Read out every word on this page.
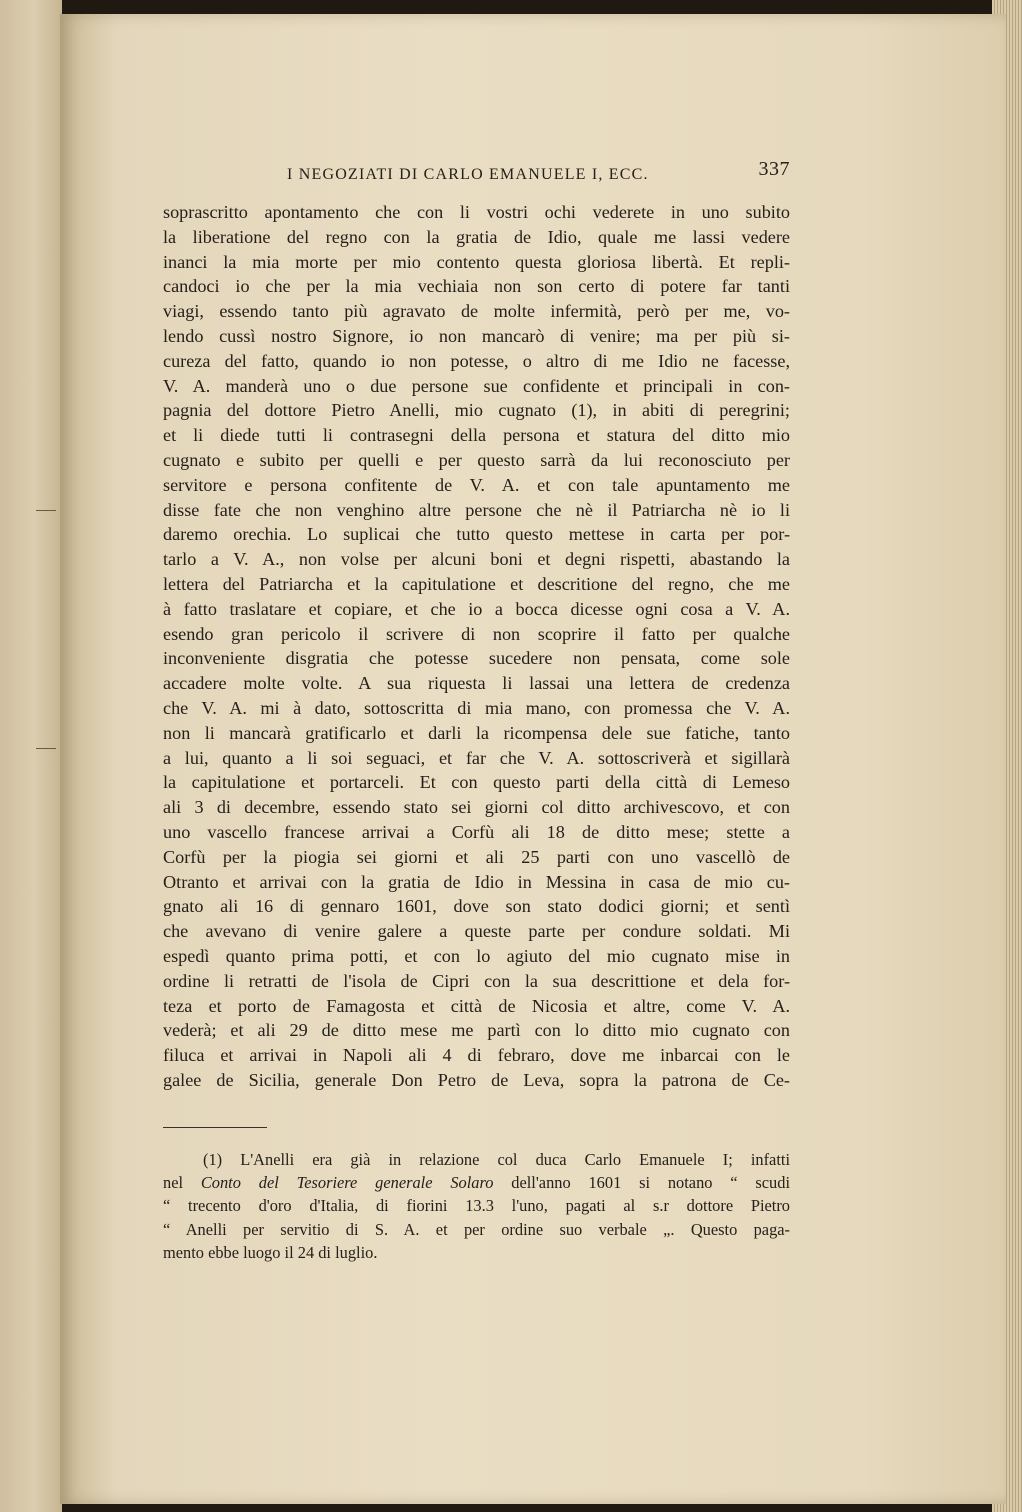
I NEGOZIATI DI CARLO EMANUELE I, ECC.	337
soprascritto apontamento che con li vostri ochi vederete in uno subito
la liberatione del regno con la gratia de Idio, quale me lassi vedere
inanci la mia morte per mio contento questa gloriosa libertà. Et repli-
candoci io che per la mia vechiaia non son certo di potere far tanti
viagi, essendo tanto più agravato de molte infermità, però per me, vo-
lendo cussì nostro Signore, io non mancarò di venire; ma per più si-
cureza del fatto, quando io non potesse, o altro di me Idio ne facesse,
V. A. manderà uno o due persone sue confidente et principali in con-
pagnia del dottore Pietro Anelli, mio cugnato (1), in abiti di peregrini;
et li diede tutti li contrasegni della persona et statura del ditto mio
cugnato e subito per quelli e per questo sarrà da lui reconosciuto per
servitore e persona confitente de V. A. et con tale apuntamento me
disse fate che non venghino altre persone che nè il Patriarcha nè io li
daremo orechia. Lo suplicai che tutto questo mettese in carta per por-
tarlo a V. A., non volse per alcuni boni et degni rispetti, abastando la
lettera del Patriarcha et la capitulatione et descritione del regno, che me
à fatto traslatare et copiare, et che io a bocca dicesse ogni cosa a V. A.
esendo gran pericolo il scrivere di non scoprire il fatto per qualche
inconveniente disgratia che potesse sucedere non pensata, come sole
accadere molte volte. A sua riquesta li lassai una lettera de credenza
che V. A. mi à dato, sottoscritta di mia mano, con promessa che V. A.
non li mancarà gratificarlo et darli la ricompensa dele sue fatiche, tanto
a lui, quanto a li soi seguaci, et far che V. A. sottoscriverà et sigillarà
la capitulatione et portarceli. Et con questo parti della città di Lemeso
ali 3 di decembre, essendo stato sei giorni col ditto archivescovo, et con
uno vascello francese arrivai a Corfù ali 18 de ditto mese; stette a
Corfù per la piogia sei giorni et ali 25 parti con uno vascellò de
Otranto et arrivai con la gratia de Idio in Messina in casa de mio cu-
gnato ali 16 di gennaro 1601, dove son stato dodici giorni; et sentì
che avevano di venire galere a queste parte per condure soldati. Mi
espedì quanto prima potti, et con lo agiuto del mio cugnato mise in
ordine li retratti de l'isola de Cipri con la sua descrittione et dela for-
teza et porto de Famagosta et città de Nicosia et altre, come V. A.
vederà; et ali 29 de ditto mese me partì con lo ditto mio cugnato con
filuca et arrivai in Napoli ali 4 di febraro, dove me inbarcai con le
galee de Sicilia, generale Don Petro de Leva, sopra la patrona de Ce-
(1) L'Anelli era già in relazione col duca Carlo Emanuele I; infatti
nel Conto del Tesoriere generale Solaro dell'anno 1601 si notano “ scudi
“ trecento d'oro d'Italia, di fiorini 13.3 l'uno, pagati al s.r dottore Pietro
“ Anelli per servitio di S. A. et per ordine suo verbale „. Questo paga-
mento ebbe luogo il 24 di luglio.
